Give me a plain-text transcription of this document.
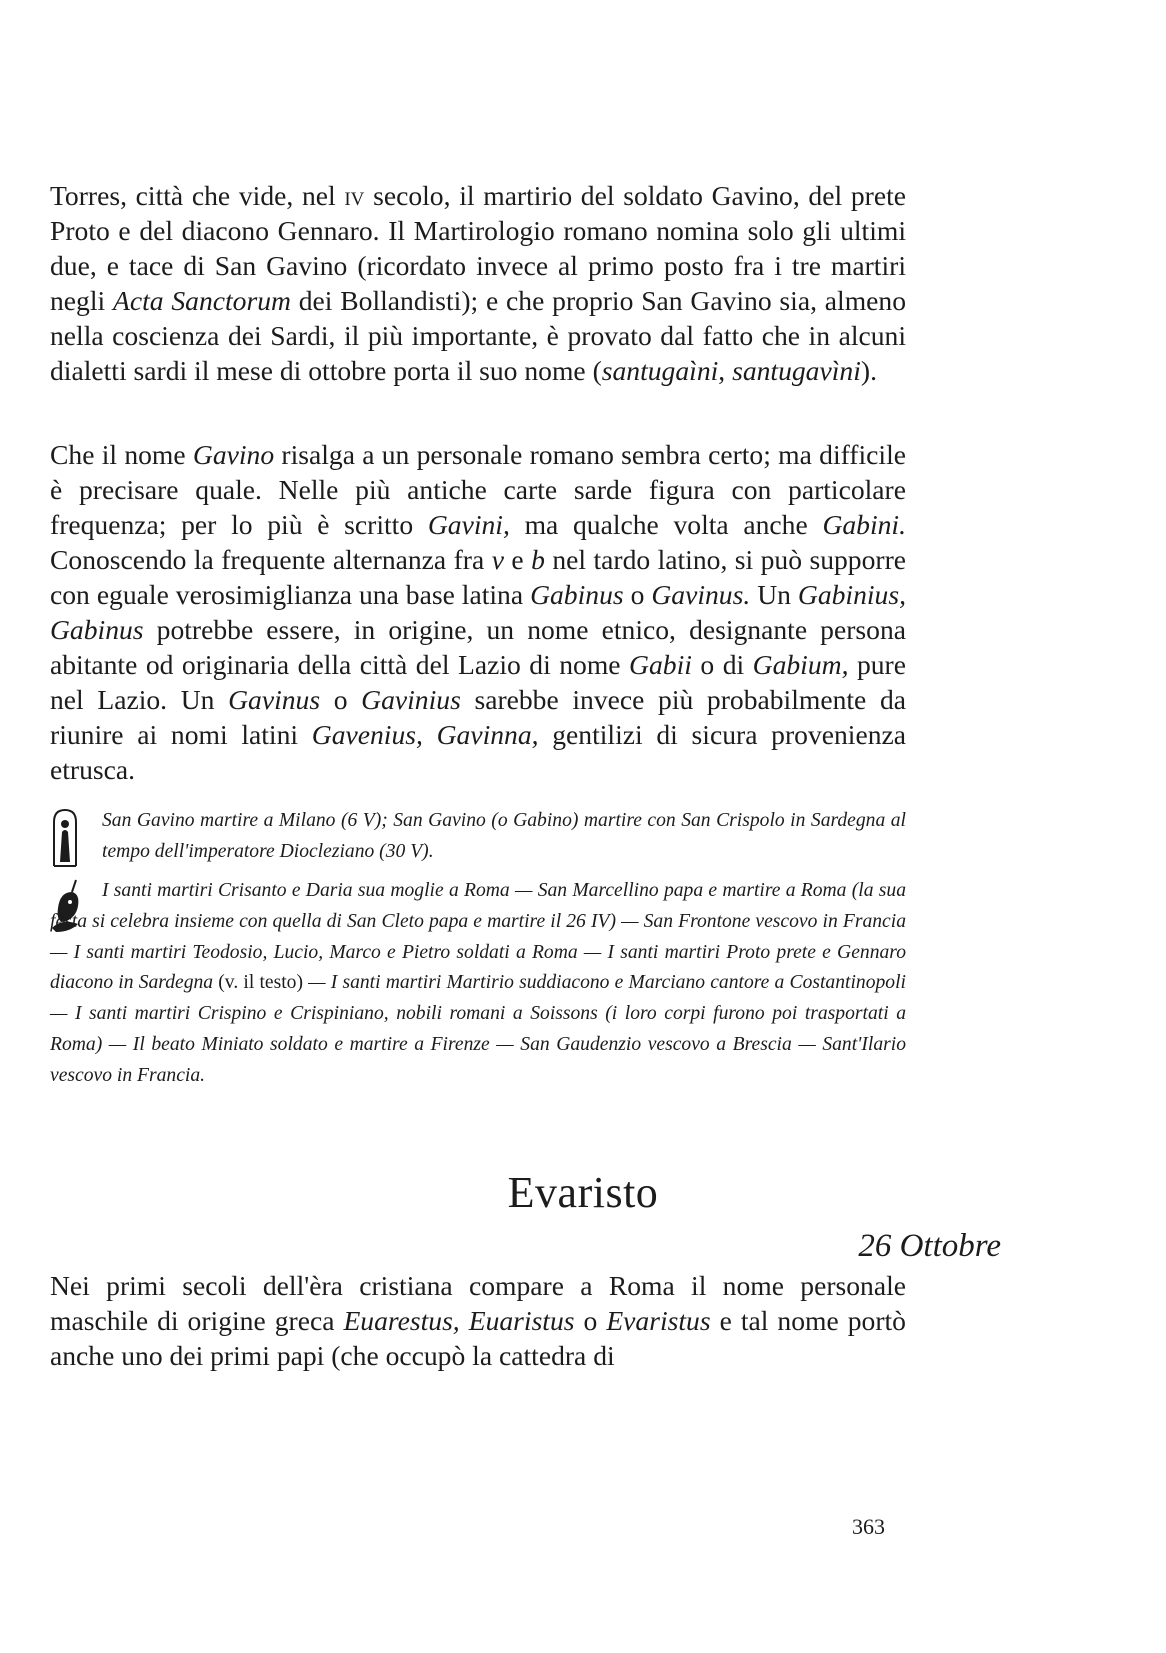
Torres, città che vide, nel iv secolo, il martirio del soldato Gavino, del prete Proto e del diacono Gennaro. Il Martirologio romano nomina solo gli ultimi due, e tace di San Gavino (ricordato invece al primo posto fra i tre martiri negli Acta Sanctorum dei Bollandisti); e che proprio San Gavino sia, almeno nella coscienza dei Sardi, il più importante, è provato dal fatto che in alcuni dialetti sardi il mese di ottobre porta il suo nome (santugaìni, santugavìni).

Che il nome Gavino risalga a un personale romano sembra certo; ma difficile è precisare quale. Nelle più antiche carte sarde figura con particolare frequenza; per lo più è scritto Gavini, ma qualche volta anche Gabini. Conoscendo la frequente alternanza fra v e b nel tardo latino, si può supporre con eguale verosimiglianza una base latina Gabinus o Gavinus. Un Gabinius, Gabinus potrebbe essere, in origine, un nome etnico, designante persona abitante od originaria della città del Lazio di nome Gabii o di Gabium, pure nel Lazio. Un Gavinus o Gavinius sarebbe invece più probabilmente da riunire ai nomi latini Gavenius, Gavinna, gentilizi di sicura provenienza etrusca.

San Gavino martire a Milano (6 V); San Gavino (o Gabino) martire con San Crispolo in Sardegna al tempo dell'imperatore Diocleziano (30 V).

I santi martiri Crisanto e Daria sua moglie a Roma — San Marcellino papa e martire a Roma (la sua festa si celebra insieme con quella di San Cleto papa e martire il 26 IV) — San Frontone vescovo in Francia — I santi martiri Teodosio, Lucio, Marco e Pietro soldati a Roma — I santi martiri Proto prete e Gennaro diacono in Sardegna (v. il testo) — I santi martiri Martirio suddiacono e Marciano cantore a Costantinopoli — I santi martiri Crispino e Crispiniano, nobili romani a Soissons (i loro corpi furono poi trasportati a Roma) — Il beato Miniato soldato e martire a Firenze — San Gaudenzio vescovo a Brescia — Sant'Ilario vescovo in Francia.

Evaristo
26 Ottobre

Nei primi secoli dell'èra cristiana compare a Roma il nome personale maschile di origine greca Euarestus, Euaristus o Evaristus e tal nome portò anche uno dei primi papi (che occupò la cattedra di

363
